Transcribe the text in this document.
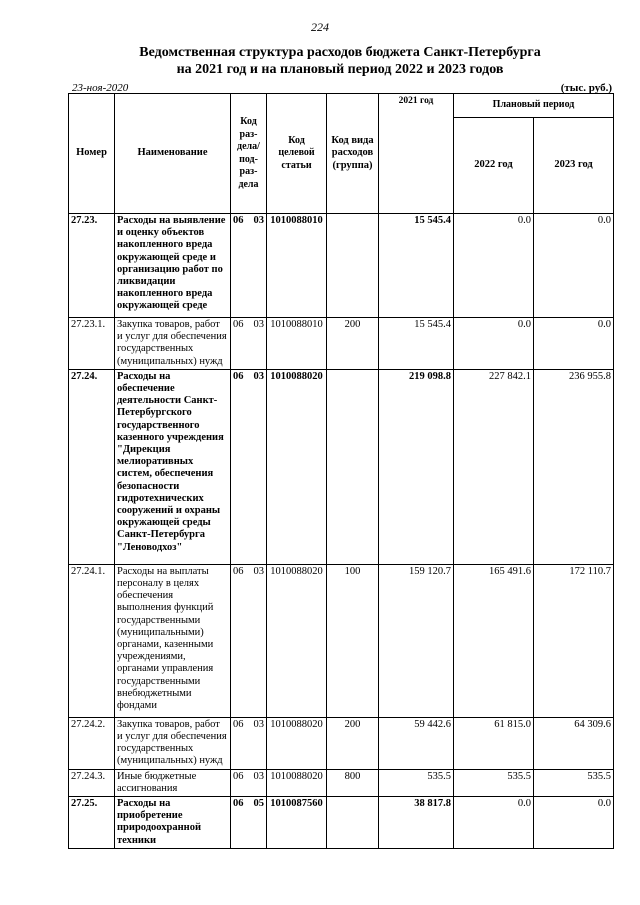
224
Ведомственная структура расходов бюджета Санкт-Петербурга
на 2021 год и на плановый период 2022 и 2023 годов
23-ноя-2020	(тыс. руб.)
Номер	Наименование	Код раз- дела/ под- раз- дела	Код целевой статьи	Код вида расходов (группа)	2021 год	Плановый период	
						2022 год	2023 год
27.23.	Расходы на выявление и оценку объектов накопленного вреда окружающей среде и организацию работ по ликвидации накопленного вреда окружающей среде	06 03	1010088010		15 545.4	0.0	0.0
27.23.1.	Закупка товаров, работ и услуг для обеспечения государственных (муниципальных) нужд	06 03	1010088010	200	15 545.4	0.0	0.0
27.24.	Расходы на обеспечение деятельности Санкт-Петербургского государственного казенного учреждения "Дирекция мелиоративных систем, обеспечения безопасности гидротехнических сооружений и охраны окружающей среды Санкт-Петербурга "Леноводхоз"	06 03	1010088020		219 098.8	227 842.1	236 955.8
27.24.1.	Расходы на выплаты персоналу в целях обеспечения выполнения функций государственными (муниципальными) органами, казенными учреждениями, органами управления государственными внебюджетными фондами	06 03	1010088020	100	159 120.7	165 491.6	172 110.7
27.24.2.	Закупка товаров, работ и услуг для обеспечения государственных (муниципальных) нужд	06 03	1010088020	200	59 442.6	61 815.0	64 309.6
27.24.3.	Иные бюджетные ассигнования	06 03	1010088020	800	535.5	535.5	535.5
27.25.	Расходы на приобретение природоохранной техники	06 05	1010087560		38 817.8	0.0	0.0
